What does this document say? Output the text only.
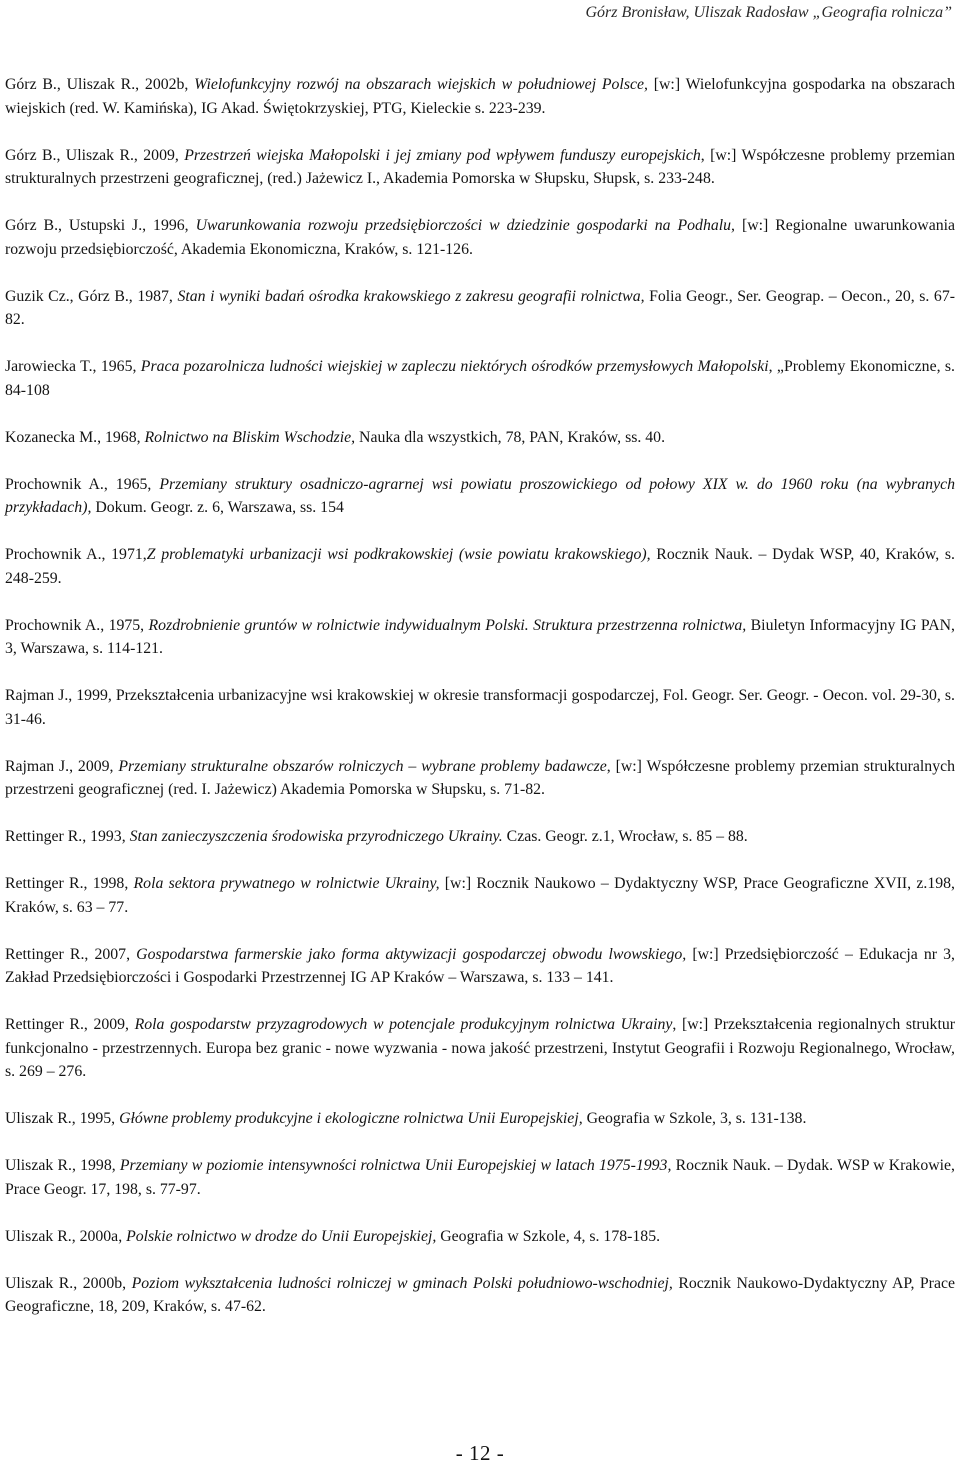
Górz Bronisław, Uliszak Radosław „Geografia rolnicza”

Górz B., Uliszak R., 2002b, Wielofunkcyjny rozwój na obszarach wiejskich w południowej Polsce, [w:] Wielofunkcyjna gospodarka na obszarach wiejskich (red. W. Kamińska), IG Akad. Świętokrzyskiej, PTG, Kieleckie s. 223-239.

Górz B., Uliszak R., 2009, Przestrzeń wiejska Małopolski i jej zmiany pod wpływem funduszy europejskich, [w:] Współczesne problemy przemian strukturalnych przestrzeni geograficznej, (red.) Jażewicz I., Akademia Pomorska w Słupsku, Słupsk, s. 233-248.

Górz B., Ustupski J., 1996, Uwarunkowania rozwoju przedsiębiorczości w dziedzinie gospodarki na Podhalu, [w:] Regionalne uwarunkowania rozwoju przedsiębiorczość, Akademia Ekonomiczna, Kraków, s. 121-126.

Guzik Cz., Górz B., 1987, Stan i wyniki badań ośrodka krakowskiego z zakresu geografii rolnictwa, Folia Geogr., Ser. Geograp. – Oecon., 20, s. 67-82.

Jarowiecka T., 1965, Praca pozarolnicza ludności wiejskiej w zapleczu niektórych ośrodków przemysłowych Małopolski, „Problemy Ekonomiczne, s. 84-108

Kozanecka M., 1968, Rolnictwo na Bliskim Wschodzie, Nauka dla wszystkich, 78, PAN, Kraków, ss. 40.

Prochownik A., 1965, Przemiany struktury osadniczo-agrarnej wsi powiatu proszowickiego od połowy XIX w. do 1960 roku (na wybranych przykładach), Dokum. Geogr. z. 6, Warszawa, ss. 154

Prochownik A., 1971,Z problematyki urbanizacji wsi podkrakowskiej (wsie powiatu krakowskiego), Rocznik Nauk. – Dydak WSP, 40, Kraków, s. 248-259.

Prochownik A., 1975, Rozdrobnienie gruntów w rolnictwie indywidualnym Polski. Struktura przestrzenna rolnictwa, Biuletyn Informacyjny IG PAN, 3, Warszawa, s. 114-121.

Rajman J., 1999, Przekształcenia urbanizacyjne wsi krakowskiej w okresie transformacji gospodarczej, Fol. Geogr. Ser. Geogr. - Oecon. vol. 29-30, s. 31-46.

Rajman J., 2009, Przemiany strukturalne obszarów rolniczych – wybrane problemy badawcze, [w:] Współczesne problemy przemian strukturalnych przestrzeni geograficznej (red. I. Jażewicz) Akademia Pomorska w Słupsku, s. 71-82.

Rettinger R., 1993, Stan zanieczyszczenia środowiska przyrodniczego Ukrainy. Czas. Geogr. z.1, Wrocław, s. 85 – 88.

Rettinger R., 1998, Rola sektora prywatnego w rolnictwie Ukrainy, [w:] Rocznik Naukowo – Dydaktyczny WSP, Prace Geograficzne XVII, z.198, Kraków, s. 63 – 77.

Rettinger R., 2007, Gospodarstwa farmerskie jako forma aktywizacji gospodarczej obwodu lwowskiego, [w:] Przedsiębiorczość – Edukacja nr 3, Zakład Przedsiębiorczości i Gospodarki Przestrzennej IG AP Kraków – Warszawa, s. 133 – 141.

Rettinger R., 2009, Rola gospodarstw przyzagrodowych w potencjale produkcyjnym rolnictwa Ukrainy, [w:] Przekształcenia regionalnych struktur funkcjonalno - przestrzennych. Europa bez granic - nowe wyzwania - nowa jakość przestrzeni, Instytut Geografii i Rozwoju Regionalnego, Wrocław, s. 269 – 276.

Uliszak R., 1995, Główne problemy produkcyjne i ekologiczne rolnictwa Unii Europejskiej, Geografia w Szkole, 3, s. 131-138.

Uliszak R., 1998, Przemiany w poziomie intensywności rolnictwa Unii Europejskiej w latach 1975-1993, Rocznik Nauk. – Dydak. WSP w Krakowie, Prace Geogr. 17, 198, s. 77-97.

Uliszak R., 2000a, Polskie rolnictwo w drodze do Unii Europejskiej, Geografia w Szkole, 4, s. 178-185.

Uliszak R., 2000b, Poziom wykształcenia ludności rolniczej w gminach Polski południowo-wschodniej, Rocznik Naukowo-Dydaktyczny AP, Prace Geograficzne, 18, 209, Kraków, s. 47-62.

- 12 -
